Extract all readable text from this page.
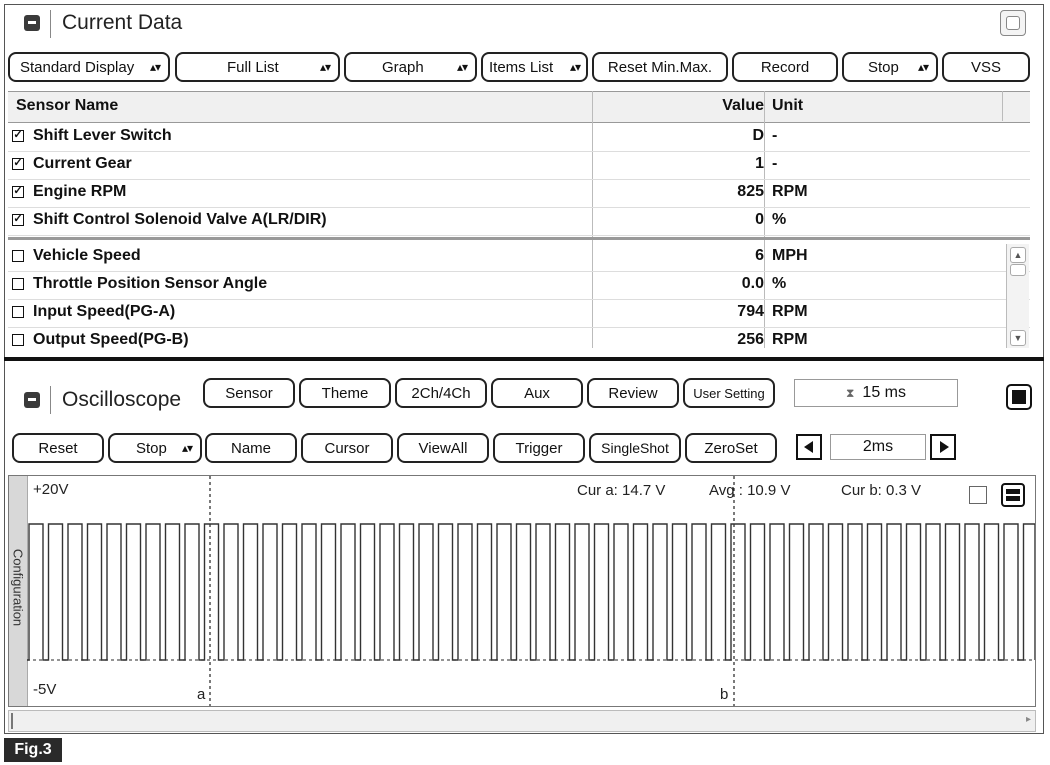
Current Data
Standard Display ▴▾	Full List	▴▾	Graph	▴▾ Items List ▴▾	Reset Min.Max.	Record	Stop ▴▾	VSS
Sensor Name	Value Unit
✓ Shift Lever Switch	D -
✓ Current Gear	1 -
✓ Engine RPM	825 RPM
✓ Shift Control Solenoid Valve A(LR/DIR)	0 %
Vehicle Speed	6 MPH
Throttle Position Sensor Angle	0.0 %
Input Speed(PG-A)	794 RPM
Output Speed(PG-B)	256 RPM
▲
▼
Oscilloscope	Sensor	Theme	2Ch/4Ch	Aux	Review	User Setting	⧗ 15 ms
Reset	Stop ▴▾	Name	Cursor	ViewAll	Trigger	SingleShot	ZeroSet	2ms
Configuration
+20V
-5V	a	b
Cur a: 14.7 V	Avg : 10.9 V	Cur b: 0.3 V
▸
Fig.3
